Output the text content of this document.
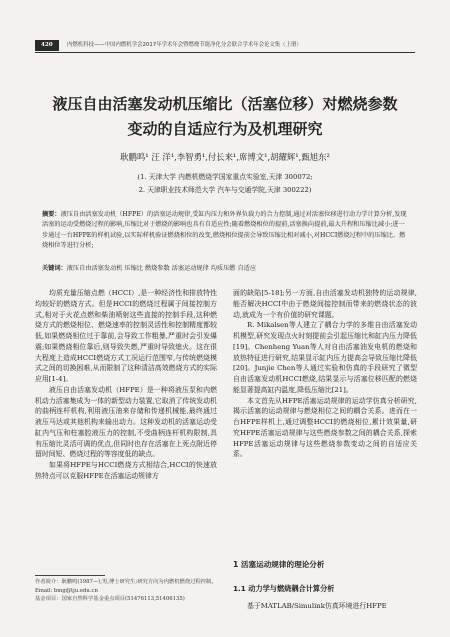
420	内燃机科技——中国内燃机学会2017年学术年会暨燃烧节能净化分会联合学术年会论文集（上册）
液压自由活塞发动机压缩比（活塞位移）对燃烧参数
变动的自适应行为及机理研究
耿鹏鸣¹ 汪 洋¹,李智勇¹,付长来¹,席博文¹,胡耀辉¹,甄旭东²
(1. 天津大学 内燃机燃烧学国家重点实验室,天津 300072;
2. 天津职业技术师范大学 汽车与交通学院,天津 300222)
摘要：液压自由活塞发动机（HFPE）的活塞运动规律,受缸内压力和外界负载力的合力控制,通过对活塞位移进行动力学计算分析,发现活塞的运动受燃烧过程的影响,压缩比对于燃烧的影响也具有自适应性;随着燃烧相位的提前,活塞换向提前,最大升程和压缩比减小;进一步通过一台HFPE的样机试验,以实际样机验证燃烧相位的改变,燃烧相位提前会导致压缩比相对减小,对HCCI燃烧过程中的压缩比、燃烧相位等进行分析;
关键词：液压自由活塞发动机 压缩比 燃烧参数 活塞运动规律 均质压燃 自适应

均质充量压缩点燃（HCCI）,是一种经济性和排放特性均较好的燃烧方式。但是HCCI的燃烧过程属于间接控制方式,相对于火花点燃和柴油喷射这些直接的控制手段,这种燃烧方式的燃烧相位、燃烧速率的控制灵活性和控制精度都较低,如果燃烧相位过于靠前,会导致工作粗暴,严重时会引发爆震;如果燃烧相位靠后,则导致失燃,严重时导致熄火。这在很大程度上造成HCCI燃烧方式工况运行范围窄,与传统燃烧模式之间的切换困难,从而限制了这种清洁高效燃烧方式的实际应用[1-4]。

液压自由活塞发动机（HFPE）是一种将液压泵和内燃机动力活塞集成为一体的新型动力装置,它取消了传统发动机的曲柄连杆机构,利用液压油来存储和传递机械能,最终通过液压马达或其他机构来输出动力。这种发动机的活塞运动受缸内气压和柱塞腔液压力的控制,不受曲柄连杆机构限制,具有压缩比灵活可调的优点,但同时也存在活塞在上死点附近停留时间短、燃烧过程的等容度低的缺点。

如果将HFPE与HCCI燃烧方式相结合,HCCI的快速放热特点可以克服HFPE在活塞运动规律方

作者简介：耿鹏鸣(1987—),男,博士研究生;研究方向为内燃机燃烧过程控制。

Email: bmg@tju.edu.cn

基金项目：国家自然科学基金重点项目(51476113,51406135)

面的缺陷[5-18];另一方面,自由活塞发动机独特的运动规律,能否解决HCCI中由于燃烧间接控制而带来的燃烧状态的波动,就成为一个有价值的研究课题。

R. Mikalsen等人建立了耦合力学的多维自由活塞发动机模型,研究发现点火时刻提前会引起压缩比和缸内压力降低[19]。Chenheng Yuan等人对自由活塞油发电机的燃烧和放热特征进行研究,结果显示缸内压力提高会导致压缩比降低[20]。Junjie Chen等人通过实验和仿真的手段研究了微型自由活塞发动机HCCI燃烧,结果显示与活塞位移匹配的燃烧能显著提高缸内温度,降低压缩比[21]。

本文首先从HFPE活塞运动规律的运动学仿真分析研究,揭示活塞的运动规律与燃烧相位之间的耦合关系。进而在一台HFPE样机上,通过调整HCCI的燃烧相位,累计效果量,研究HFPE活塞运动规律与这些燃烧参数之间的耦合关系,探索HFPE活塞运动规律与这些燃烧参数变动之间的自适应关系。

1 活塞运动规律的理论分析
1.1 动力学与燃烧耦合计算分析
基于MATLAB/Simulink仿真环境进行HFPE
